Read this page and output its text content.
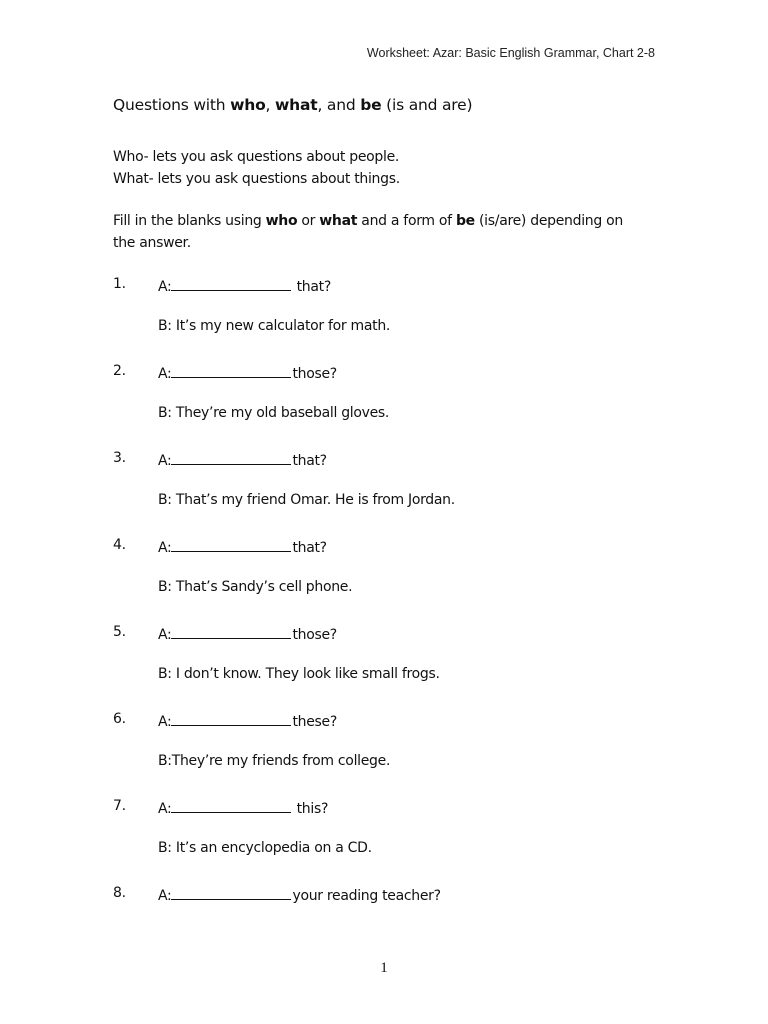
Worksheet: Azar: Basic English Grammar, Chart 2-8
Questions with who, what, and be (is and are)
Who- lets you ask questions about people.
What- lets you ask questions about things.
Fill in the blanks using who or what and a form of be (is/are) depending on the answer.
1. A:	that?
B: It’s my new calculator for math.
2. A:	those?
B: They’re my old baseball gloves.
3. A:	that?
B: That’s my friend Omar. He is from Jordan.
4. A:	that?
B: That’s Sandy’s cell phone.
5. A:	those?
B: I don’t know. They look like small frogs.
6. A:	these?
B:They’re my friends from college.
7. A:	this?
B: It’s an encyclopedia on a CD.
8. A:	your reading teacher?
1
